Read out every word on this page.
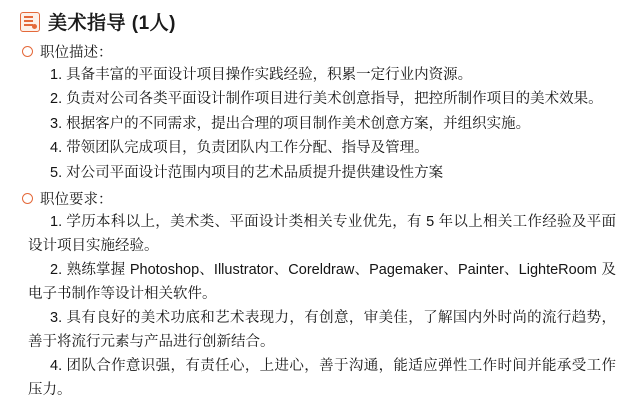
美术指导 (1人)
职位描述：

1. 具备丰富的平面设计项目操作实践经验，积累一定行业内资源。

2. 负责对公司各类平面设计制作项目进行美术创意指导，把控所制作项目的美术效果。

3. 根据客户的不同需求，提出合理的项目制作美术创意方案，并组织实施。

4. 带领团队完成项目，负责团队内工作分配、指导及管理。

5. 对公司平面设计范围内项目的艺术品质提升提供建设性方案

职位要求：

1. 学历本科以上，美术类、平面设计类相关专业优先，有 5 年以上相关工作经验及平面设计项目实施经验。

2. 熟练掌握 Photoshop、Illustrator、Coreldraw、Pagemaker、Painter、LighteRoom 及电子书制作等设计相关软件。

3. 具有良好的美术功底和艺术表现力，有创意，审美佳，了解国内外时尚的流行趋势，善于将流行元素与产品进行创新结合。

4. 团队合作意识强，有责任心，上进心，善于沟通，能适应弹性工作时间并能承受工作压力。
